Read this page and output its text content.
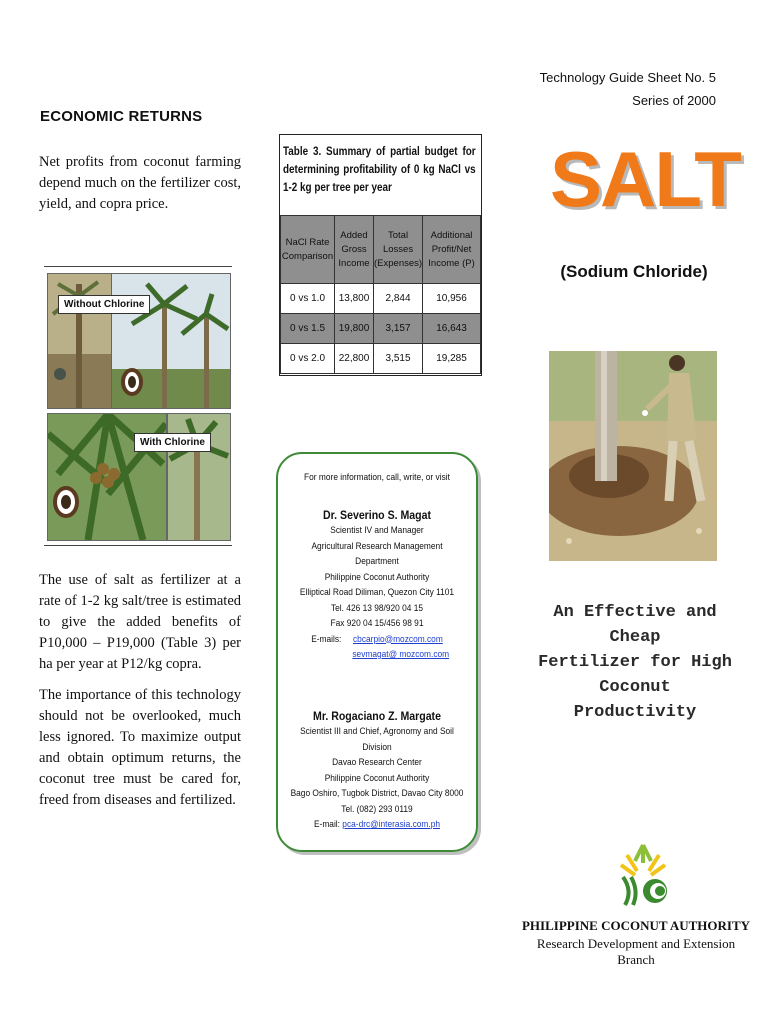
ECONOMIC RETURNS
Net profits from coconut farming depend much on the fertilizer cost, yield, and copra price.
Without Chlorine
With Chlorine
The use of salt as fertilizer at a rate of 1-2 kg salt/tree is estimated to give the added benefits of P10,000 – P19,000 (Table 3) per ha per year at P12/kg copra.
The importance of this technology should not be overlooked, much less ignored. To maximize output and obtain optimum returns, the coconut tree must be cared for, freed from diseases and fertilized.
Table 3. Summary of partial budget for determining profitability of 0 kg NaCl vs 1-2 kg per tree per year
NaCl Rate Comparison	Added Gross Income	Total Losses (Expenses)	Additional Profit/Net Income (P)
0 vs 1.0	13,800	2,844	10,956
0 vs 1.5	19,800	3,157	16,643
0 vs 2.0	22,800	3,515	19,285
For more information, call, write, or visit
Dr. Severino S. Magat
Scientist IV and Manager
Agricultural Research Management Department
Philippine Coconut Authority
Elliptical Road Diliman, Quezon City 1101
Tel. 426 13 98/920 04 15
Fax 920 04 15/456 98 91
E-mails: cbcarpio@mozcom.com
sevmagat@ mozcom.com
Mr. Rogaciano Z. Margate
Scientist III and Chief, Agronomy and Soil Division
Davao Research Center
Philippine Coconut Authority
Bago Oshiro, Tugbok District, Davao City 8000
Tel. (082) 293 0119
E-mail: pca-drc@interasia.com.ph
Technology Guide Sheet No. 5
Series of 2000
SALT
(Sodium Chloride)
An Effective and Cheap
Fertilizer for High
Coconut
Productivity
PHILIPPINE COCONUT AUTHORITY
Research Development and Extension Branch
